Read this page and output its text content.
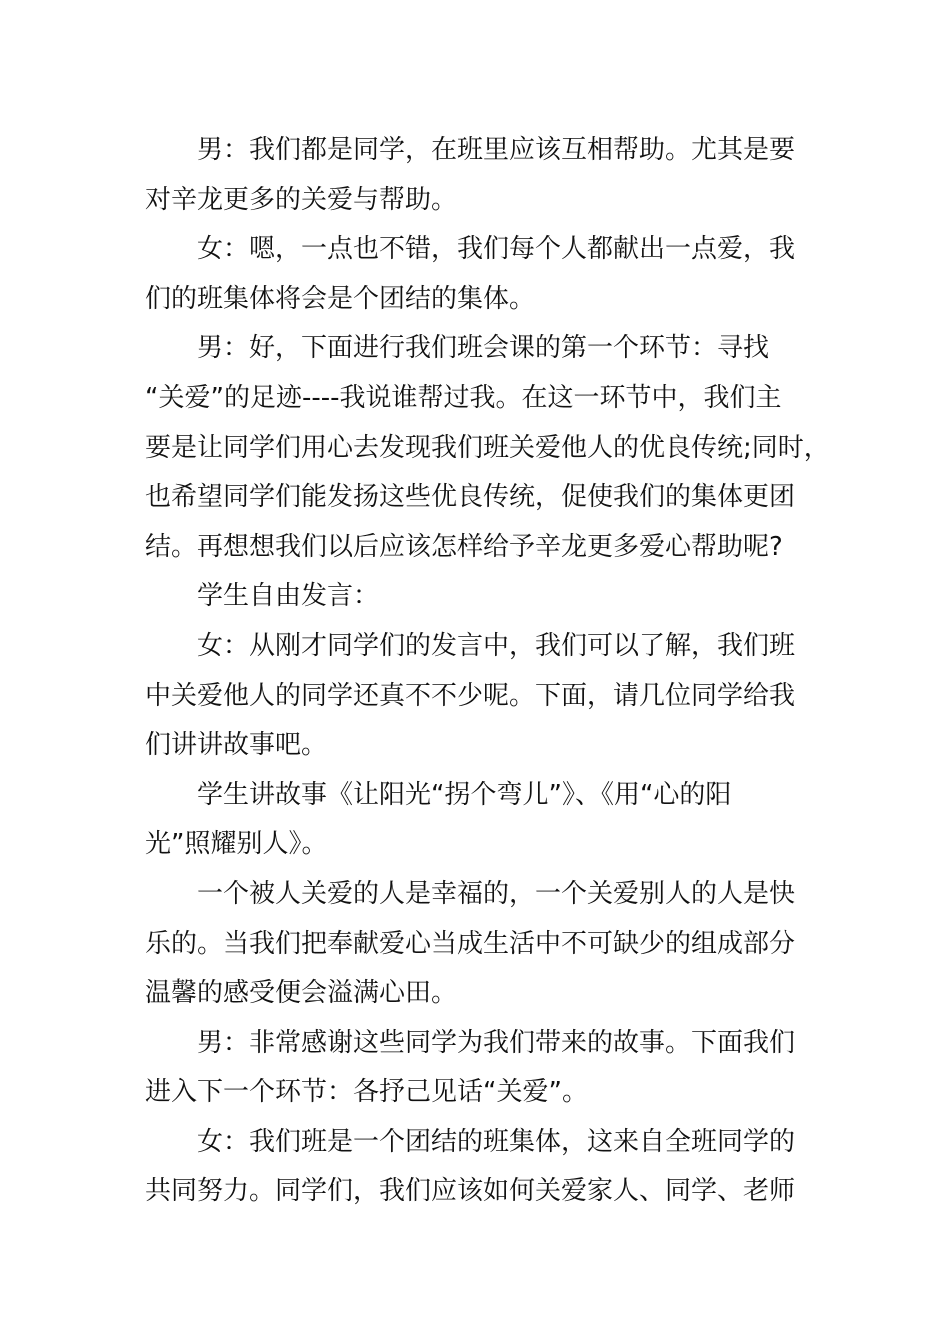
男：我们都是同学，在班里应该互相帮助。尤其是要
对辛龙更多的关爱与帮助。
女：嗯，一点也不错，我们每个人都献出一点爱，我
们的班集体将会是个团结的集体。
男：好，下面进行我们班会课的第一个环节：寻找
“关爱”的足迹----我说谁帮过我。在这一环节中，我们主
要是让同学们用心去发现我们班关爱他人的优良传统;同时，
也希望同学们能发扬这些优良传统，促使我们的集体更团
结。再想想我们以后应该怎样给予辛龙更多爱心帮助呢?
学生自由发言：
女：从刚才同学们的发言中，我们可以了解，我们班
中关爱他人的同学还真不不少呢。下面，请几位同学给我
们讲讲故事吧。
学生讲故事《让阳光“拐个弯儿”》、《用“心的阳
光”照耀别人》。
一个被人关爱的人是幸福的，一个关爱别人的人是快
乐的。当我们把奉献爱心当成生活中不可缺少的组成部分
温馨的感受便会溢满心田。
男：非常感谢这些同学为我们带来的故事。下面我们
进入下一个环节：各抒己见话“关爱”。
女：我们班是一个团结的班集体，这来自全班同学的
共同努力。同学们，我们应该如何关爱家人、同学、老师
